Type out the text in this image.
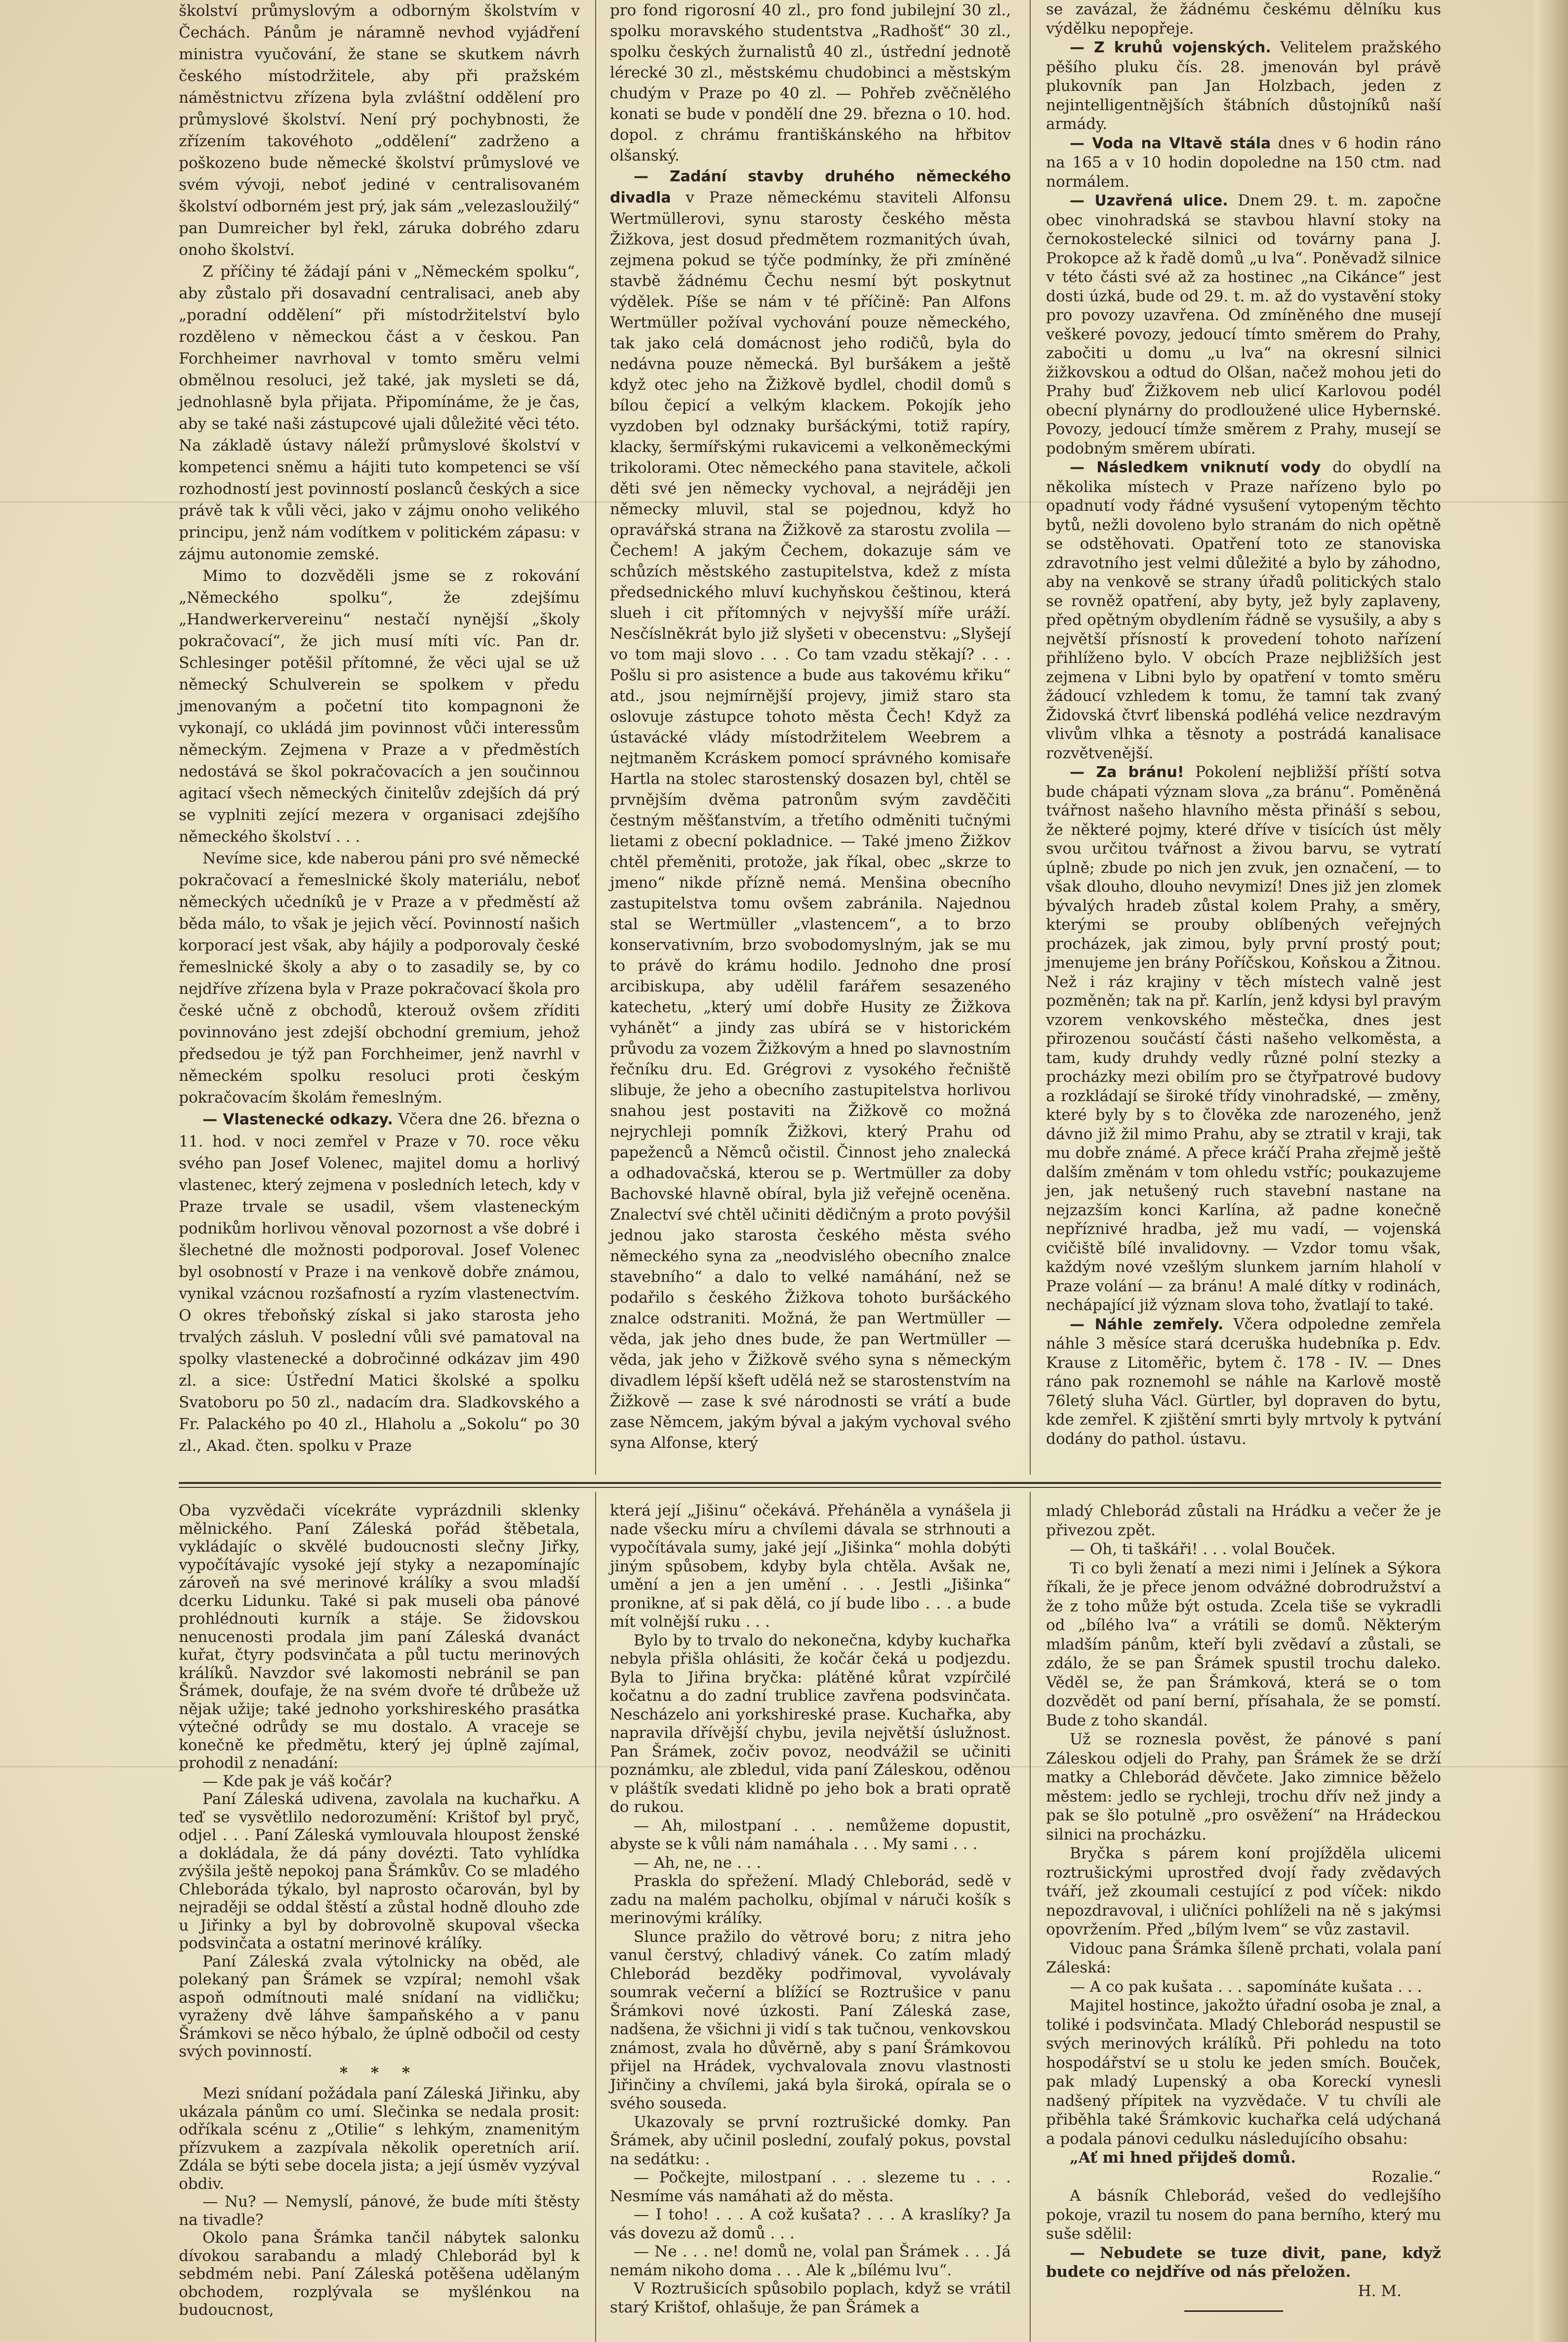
školství průmyslovým a odborným školstvím v Čechách. Pánům je náramně nevhod vyjádření ministra vyučování, že stane se skutkem návrh českého místodržitele, aby při pražském náměstnictvu zřízena byla zvláštní oddělení pro průmyslové školství. Není prý pochybnosti, že zřízením takovéhoto „oddělení“ zadrženo a poškozeno bude německé školství průmyslové ve svém vývoji, neboť jediné v centralisovaném školství odborném jest prý, jak sám „velezasloužilý“ pan Dumreicher byl řekl, záruka dobrého zdaru onoho školství.

Z příčiny té žádají páni v „Německém spolku“, aby zůstalo při dosavadní centralisaci, aneb aby „poradní oddělení“ při místodržitelství bylo rozděleno v německou část a v českou. Pan Forchheimer navrhoval v tomto směru velmi obmělnou resoluci, jež také, jak mysleti se dá, jednohlasně byla přijata. Připomínáme, že je čas, aby se také naši zástupcové ujali důležité věci této. Na základě ústavy náleží průmyslové školství v kompetenci sněmu a hájiti tuto kompetenci se vší rozhodností jest povinností poslanců českých a sice právě tak k vůli věci, jako v zájmu onoho velikého principu, jenž nám vodítkem v politickém zápasu: v zájmu autonomie zemské.

Mimo to dozvěděli jsme se z rokování „Německého spolku“, že zdejšímu „Handwerkervereinu“ nestačí nynější „školy pokračovací“, že jich musí míti víc. Pan dr. Schlesinger potěšil přítomné, že věci ujal se už německý Schulverein se spolkem v předu jmenovaným a početní tito kompagnoni že vykonají, co ukládá jim povinnost vůči interessům německým. Zejmena v Praze a v předměstích nedostává se škol pokračovacích a jen součinnou agitací všech německých činitelův zdejších dá prý se vyplniti zející mezera v organisaci zdejšího německého školství . . .

Nevíme sice, kde naberou páni pro své německé pokračovací a řemeslnické školy materiálu, neboť německých učedníků je v Praze a v předměstí až běda málo, to však je jejich věcí. Povinností našich korporací jest však, aby hájily a podporovaly české řemeslnické školy a aby o to zasadily se, by co nejdříve zřízena byla v Praze pokračovací škola pro české učně z obchodů, kterouž ovšem zříditi povinnováno jest zdejší obchodní gremium, jehož předsedou je týž pan Forchheimer, jenž navrhl v německém spolku resoluci proti českým pokračovacím školám řemeslným.

— Vlastenecké odkazy. Včera dne 26. března o 11. hod. v noci zemřel v Praze v 70. roce věku svého pan Josef Volenec, majitel domu a horlivý vlastenec, který zejmena v posledních letech, kdy v Praze trvale se usadil, všem vlasteneckým podnikům horlivou věnoval pozornost a vše dobré i šlechetné dle možnosti podporoval. Josef Volenec byl osobností v Praze i na venkově dobře známou, vynikal vzácnou rozšafností a ryzím vlastenectvím. O okres třeboňský získal si jako starosta jeho trvalých zásluh. V poslední vůli své pamatoval na spolky vlastenecké a dobročinné odkázav jim 490 zl. a sice: Ústřední Matici školské a spolku Svatoboru po 50 zl., nadacím dra. Sladkovského a Fr. Palackého po 40 zl., Hlaholu a „Sokolu“ po 30 zl., Akad. čten. spolku v Praze

pro fond rigorosní 40 zl., pro fond jubilejní 30 zl., spolku moravského studentstva „Radhošť“ 30 zl., spolku českých žurnalistů 40 zl., ústřední jednotě lérecké 30 zl., městskému chudobinci a městským chudým v Praze po 40 zl. — Pohřeb zvěčnělého konati se bude v pondělí dne 29. března o 10. hod. dopol. z chrámu františkánského na hřbitov olšanský.

— Zadání stavby druhého německého divadla v Praze německému staviteli Alfonsu Wertmüllerovi, synu starosty českého města Žižkova, jest dosud předmětem rozmanitých úvah, zejmena pokud se týče podmínky, že při zmíněné stavbě žádnému Čechu nesmí být poskytnut výdělek. Píše se nám v té příčině: Pan Alfons Wertmüller požíval vychování pouze německého, tak jako celá domácnost jeho rodičů, byla do nedávna pouze německá. Byl buršákem a ještě když otec jeho na Žižkově bydlel, chodil domů s bílou čepicí a velkým klackem. Pokojík jeho vyzdoben byl odznaky buršáckými, totiž rapíry, klacky, šermířskými rukavicemi a velkoněmeckými trikolorami. Otec německého pana stavitele, ačkoli děti své jen německy vychoval, a nejráději jen německy mluvil, stal se pojednou, když ho opravářská strana na Žižkově za starostu zvolila — Čechem! A jakým Čechem, dokazuje sám ve schůzích městského zastupitelstva, kdež z místa předsednického mluví kuchyňskou češtinou, která slueh i cit přítomných v nejvyšší míře uráží. Nesčíslněkrát bylo již slyšeti v obecenstvu: „Slyšejí vo tom maji slovo . . . Co tam vzadu stěkají? . . . Pošlu si pro asistence a bude aus takovému křiku“ atd., jsou nejmírnější projevy, jimiž staro sta oslovuje zástupce tohoto města Čech! Když za ústavácké vlády místodržitelem Weebrem a nejtmaněm Kcráskem pomocí správného komisaře Hartla na stolec starostenský dosazen byl, chtěl se prvnějším dvěma patronům svým zavděčiti čestným měšťanstvím, a třetího odměniti tučnými lietami z obecní pokladnice. — Také jmeno Žižkov chtěl přeměniti, protože, jak říkal, obec „skrze to jmeno“ nikde přízně nemá. Menšina obecního zastupitelstva tomu ovšem zabránila. Najednou stal se Wertmüller „vlastencem“, a to brzo konservativním, brzo svobodomyslným, jak se mu to právě do krámu hodilo. Jednoho dne prosí arcibiskupa, aby udělil farářem sesazeného katechetu, „který umí dobře Husity ze Žižkova vyhánět“ a jindy zas ubírá se v historickém průvodu za vozem Žižkovým a hned po slavnostním řečníku dru. Ed. Grégrovi z vysokého řečniště slibuje, že jeho a obecního zastupitelstva horlivou snahou jest postaviti na Žižkově co možná nejrychleji pomník Žižkovi, který Prahu od papeženců a Němců očistil. Činnost jeho znalecká a odhadovačská, kterou se p. Wertmüller za doby Bachovské hlavně obíral, byla již veřejně oceněna. Znalectví své chtěl učiniti dědičným a proto povýšil jednou jako starosta českého města svého německého syna za „neodvislého obecního znalce stavebního“ a dalo to velké namáhání, než se podařilo s českého Žižkova tohoto buršáckého znalce odstraniti. Možná, že pan Wertmüller — věda, jak jeho dnes bude, že pan Wertmüller — věda, jak jeho v Žižkově svého syna s německým divadlem lépší kšeft udělá než se starostenstvím na Žižkově — zase k své národnosti se vrátí a bude zase Němcem, jakým býval a jakým vychoval svého syna Alfonse, který

se zavázal, že žádnému českému dělníku kus výdělku nepopřeje.

— Z kruhů vojenských. Velitelem pražského pěšího pluku čís. 28. jmenován byl právě plukovník pan Jan Holzbach, jeden z nejintelligentnějších štábních důstojníků naší armády.

— Voda na Vltavě stála dnes v 6 hodin ráno na 165 a v 10 hodin dopoledne na 150 ctm. nad normálem.

— Uzavřená ulice. Dnem 29. t. m. započne obec vinohradská se stavbou hlavní stoky na černokostelecké silnici od továrny pana J. Prokopce až k řadě domů „u lva“. Poněvadž silnice v této části své až za hostinec „na Cikánce“ jest dosti úzká, bude od 29. t. m. až do vystavění stoky pro povozy uzavřena. Od zmíněného dne musejí veškeré povozy, jedoucí tímto směrem do Prahy, zabočiti u domu „u lva“ na okresní silnici žižkovskou a odtud do Olšan, načež mohou jeti do Prahy buď Žižkovem neb ulicí Karlovou podél obecní plynárny do prodloužené ulice Hybernské. Povozy, jedoucí tímže směrem z Prahy, musejí se podobným směrem ubírati.

— Následkem vniknutí vody do obydlí na několika místech v Praze nařízeno bylo po opadnutí vody řádné vysušení vytopeným těchto bytů, nežli dovoleno bylo stranám do nich opětně se odstěhovati. Opatření toto ze stanoviska zdravotního jest velmi důležité a bylo by záhodno, aby na venkově se strany úřadů politických stalo se rovněž opatření, aby byty, jež byly zaplaveny, před opětným obydlením řádně se vysušily, a aby s největší přísností k provedení tohoto nařízení přihlíženo bylo. V obcích Praze nejbližších jest zejmena v Libni bylo by opatření v tomto směru žádoucí vzhledem k tomu, že tamní tak zvaný Židovská čtvrť libenská podléhá velice nezdravým vlivům vlhka a těsnoty a postrádá kanalisace rozvětvenější.

— Za bránu! Pokolení nejbližší příští sotva bude chápati význam slova „za bránu“. Poměněná tvářnost našeho hlavního města přináší s sebou, že některé pojmy, které dříve v tisících úst měly svou určitou tvářnost a živou barvu, se vytratí úplně; zbude po nich jen zvuk, jen označení, — to však dlouho, dlouho nevymizí! Dnes již jen zlomek bývalých hradeb zůstal kolem Prahy, a směry, kterými se prouby oblíbených veřejných procházek, jak zimou, byly první prostý pout; jmenujeme jen brány Poříčskou, Koňskou a Žitnou. Než i ráz krajiny v těch místech valně jest pozměněn; tak na př. Karlín, jenž kdysi byl pravým vzorem venkovského městečka, dnes jest přirozenou součástí části našeho velkoměsta, a tam, kudy druhdy vedly různé polní stezky a procházky mezi obilím pro se čtyřpatrové budovy a rozkládají se široké třídy vinohradské, — změny, které byly by s to člověka zde narozeného, jenž dávno již žil mimo Prahu, aby se ztratil v kraji, tak mu dobře známé. A přece kráčí Praha zřejmě ještě dalším změnám v tom ohledu vstříc; poukazujeme jen, jak netušený ruch stavební nastane na nejzazším konci Karlína, až padne konečně nepříznivé hradba, jež mu vadí, — vojenská cvičiště bílé invalidovny. — Vzdor tomu však, každým nové vzešlým slunkem jarním hlaholí v Praze volání — za bránu! A malé dítky v rodinách, nechápající již význam slova toho, žvatlají to také.

— Náhle zemřely. Včera odpoledne zemřela náhle 3 měsíce stará dceruška hudebníka p. Edv. Krause z Litoměřic, bytem č. 178 - IV. — Dnes ráno pak roznemohl se náhle na Karlově mostě 76letý sluha Václ. Gürtler, byl dopraven do bytu, kde zemřel. K zjištění smrti byly mrtvoly k pytvání dodány do pathol. ústavu.

Oba vyzvědači vícekráte vyprázdnili sklenky mělnického. Paní Záleská pořád štěbetala, vykládajíc o skvělé budoucnosti slečny Jiřky, vypočítávajíc vysoké její styky a nezapomínajíc zároveň na své merinové králíky a svou mladší dcerku Lidunku. Také si pak museli oba pánové prohlédnouti kurník a stáje. Se židovskou nenucenosti prodala jim paní Záleská dvanáct kuřat, čtyry podsvinčata a půl tuctu merinových králíků. Navzdor své lakomosti nebránil se pan Šrámek, doufaje, že na svém dvoře té drůbeže už nějak užije; také jednoho yorkshireského prasátka výtečné odrůdy se mu dostalo. A vraceje se konečně ke předmětu, který jej úplně zajímal, prohodil z nenadání:

— Kde pak je váš kočár?

Paní Záleská udivena, zavolala na kuchařku. A teď se vysvětlilo nedorozumění: Krištof byl pryč, odjel . . . Paní Záleská vymlouvala hloupost ženské a dokládala, že dá pány dovézti. Tato vyhlídka zvýšila ještě nepokoj pana Šrámkův. Co se mladého Chleboráda týkalo, byl naprosto očarován, byl by nejraději se oddal štěstí a zůstal hodně dlouho zde u Jiřinky a byl by dobrovolně skupoval všecka podsvinčata a ostatní merinové králíky.

Paní Záleská zvala výtolnicky na oběd, ale polekaný pan Šrámek se vzpíral; nemohl však aspoň odmítnouti malé snídaní na vidličku; vyraženy dvě láhve šampaňského a v panu Šrámkovi se něco hýbalo, že úplně odbočil od cesty svých povinností.

* * *

Mezi snídaní požádala paní Záleská Jiřinku, aby ukázala pánům co umí. Slečinka se nedala prosit: odříkala scénu z „Otilie“ s lehkým, znamenitým přízvukem a zazpívala několik operetních arií. Zdála se býti sebe docela jista; a její úsměv vyzýval obdiv.

— Nu? — Nemyslí, pánové, že bude míti štěsty na tivadle?

Okolo pana Šrámka tančil nábytek salonku dívokou sarabandu a mladý Chleborád byl k sebdmém nebi. Paní Záleská potěšena udělaným obchodem, rozplývala se myšlénkou na budoucnost,

která její „Jišinu“ očekává. Přeháněla a vynášela ji nade všecku míru a chvílemi dávala se strhnouti a vypočítávala sumy, jaké její „Jišinka“ mohla dobýti jiným spůsobem, kdyby byla chtěla. Avšak ne, umění a jen a jen umění . . . Jestli „Jišinka“ pronikne, ať si pak dělá, co jí bude libo . . . a bude mít volnější ruku . . .

Bylo by to trvalo do nekonečna, kdyby kuchařka nebyla přišla ohlásiti, že kočár čeká u podjezdu. Byla to Jiřina bryčka: plátěné kůrat vzpírčilé kočatnu a do zadní trublice zavřena podsvinčata. Nescházelo ani yorkshireské prase. Kuchařka, aby napravila dřívější chybu, jevila největší úslužnost. Pan Šrámek, zočiv povoz, neodvážil se učiniti poznámku, ale zbledul, vida paní Záleskou, oděnou v pláštík svedati klidně po jeho bok a brati opratě do rukou.

— Ah, milostpaní . . . nemůžeme dopustit, abyste se k vůli nám namáhala . . . My sami . . .

— Ah, ne, ne . . .

Praskla do spřežení. Mladý Chleborád, sedě v zadu na malém pacholku, objímal v náruči košík s merinovými králíky.

Slunce pražilo do větrové boru; z nitra jeho vanul čerstvý, chladivý vánek. Co zatím mladý Chleborád bezděky podřimoval, vyvolávaly soumrak večerní a blížící se Roztrušice v panu Šrámkovi nové úzkosti. Paní Záleská zase, nadšena, že všichni ji vidí s tak tučnou, venkovskou známost, zvala ho důvěrně, aby s paní Šrámkovou přijel na Hrádek, vychvalovala znovu vlastnosti Jiřinčiny a chvílemi, jaká byla široká, opírala se o svého souseda.

Ukazovaly se první roztrušické domky. Pan Šrámek, aby učinil poslední, zoufalý pokus, povstal na sedátku: .

— Počkejte, milostpaní . . . slezeme tu . . . Nesmíme vás namáhati až do města.

— I toho! . . . A což kušata? . . . A kraslíky? Ja vás dovezu až domů . . .

— Ne . . . ne! domů ne, volal pan Šrámek . . . Já nemám nikoho doma . . . Ale k „bílému lvu“.

V Roztrušicích spůsobilo poplach, když se vrátil starý Krištof, ohlašuje, že pan Šrámek a

mladý Chleborád zůstali na Hrádku a večer že je přivezou zpět.

— Oh, ti taškáři! . . . volal Bouček.

Ti co byli ženatí a mezi nimi i Jelínek a Sýkora říkali, že je přece jenom odvážné dobrodružství a že z toho může být ostuda. Zcela tiše se vykradli od „bílého lva“ a vrátili se domů. Některým mladším pánům, kteří byli zvědaví a zůstali, se zdálo, že se pan Šrámek spustil trochu daleko. Věděl se, že pan Šrámková, která se o tom dozvědět od paní berní, přísahala, že se pomstí. Bude z toho skandál.

Už se roznesla pověst, že pánové s paní Záleskou odjeli do Prahy, pan Šrámek že se drží matky a Chleborád děvčete. Jako zimnice běželo městem: jedlo se rychleji, trochu dřív než jindy a pak se šlo potulně „pro osvěžení“ na Hrádeckou silnici na procházku.

Bryčka s párem koní projížděla ulicemi roztrušickými uprostřed dvojí řady zvědavých tváří, jež zkoumali cestující z pod víček: nikdo nepozdravoval, i uličníci pohlíželi na ně s jakýmsi opovržením. Před „bílým lvem“ se vůz zastavil.

Vidouc pana Šrámka šíleně prchati, volala paní Záleská:

— A co pak kušata . . . sapomínáte kušata . . .

Majitel hostince, jakožto úřadní osoba je znal, a toliké i podsvinčata. Mladý Chleborád nespustil se svých merinových králíků. Při pohledu na toto hospodářství se u stolu ke jeden smích. Bouček, pak mladý Lupenský a oba Koreckí vynesli nadšený přípitek na vyzvědače. V tu chvíli ale přiběhla také Šrámkovic kuchařka celá udýchaná a podala pánovi cedulku následujícího obsahu:

„Ať mi hned přijdeš domů.

Rozalie.“

A básník Chleborád, vešed do vedlejšího pokoje, vrazil tu nosem do pana berního, který mu suše sdělil:

— Nebudete se tuze divit, pane, když budete co nejdříve od nás přeložen.

H. M.
